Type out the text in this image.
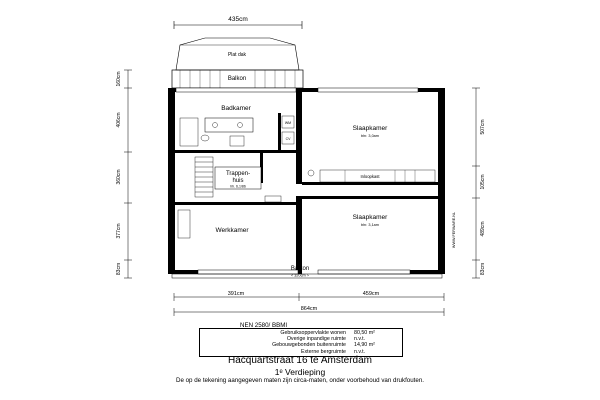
435cm
Plat dak
Balkon
Badkamer
WM
CV
Slaapkamer
bhr. 3,0am
Trappen-
huis
hh. 6,1/86
Inloopkast
Werkkamer
Slaapkamer
bhr. 3,1am
Balkon
< 320cm >
160cm
406cm
360cm
377cm
83cm
507cm
105cm
489cm
83cm
WWW.FERWARE.NL
391cm	459cm
864cm
NEN 2580/ BBMI
Gebruiksoppervlakte wonen	80,50 m²
Overige inpandige ruimte	n.v.t.
Gebouwgebonden buitenruimte	14,90 m²
Externe bergruimte	n.v.t.
Hacquartstraat 16 te Amsterdam
1ᵉ Verdieping
De op de tekening aangegeven maten zijn circa-maten, onder voorbehoud van drukfouten.
